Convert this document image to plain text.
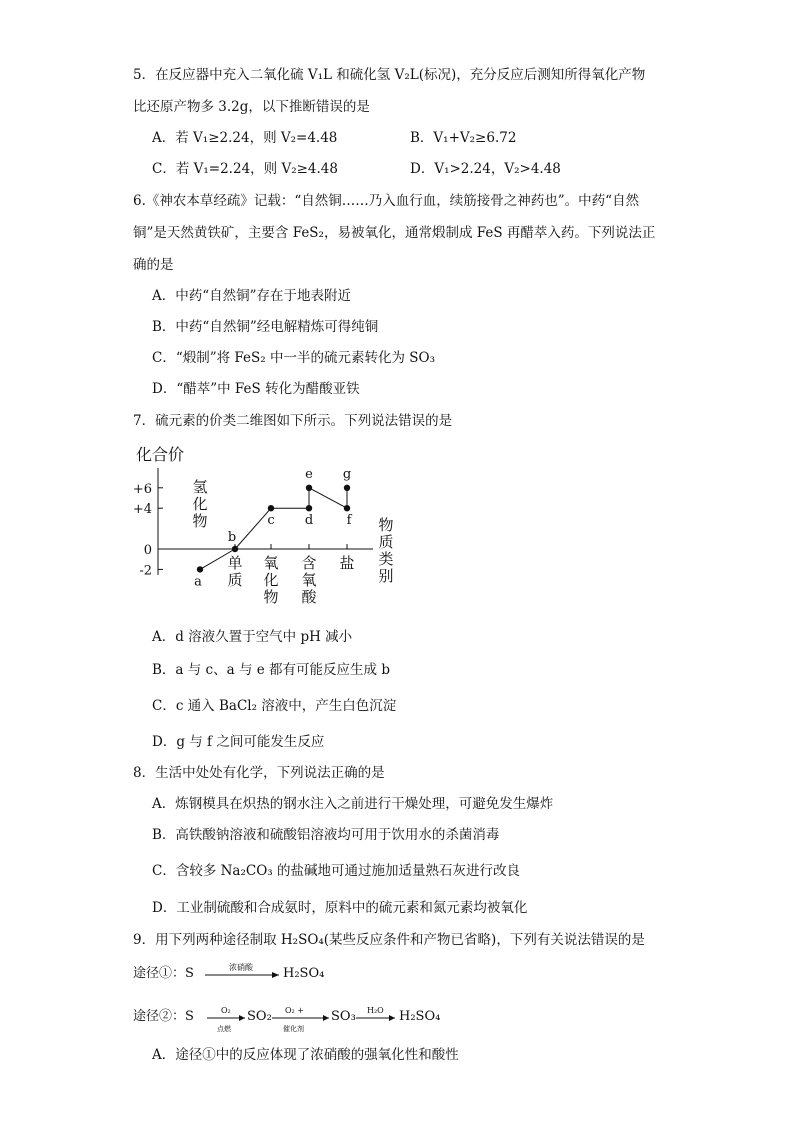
5．在反应器中充入二氧化硫 V₁L 和硫化氢 V₂L(标况)，充分反应后测知所得氧化产物
比还原产物多 3.2g，以下推断错误的是
A．若 V₁≥2.24，则 V₂=4.48	B．V₁+V₂≥6.72
C．若 V₁=2.24，则 V₂≥4.48	D．V₁>2.24，V₂>4.48
6.《神农本草经疏》记载：“自然铜……乃入血行血，续筋接骨之神药也”。中药“自然
铜”是天然黄铁矿，主要含 FeS₂，易被氧化，通常煅制成 FeS 再醋萃入药。下列说法正
确的是
A．中药“自然铜”存在于地表附近
B．中药“自然铜”经电解精炼可得纯铜
C．“煅制”将 FeS₂ 中一半的硫元素转化为 SO₃
D．“醋萃”中 FeS 转化为醋酸亚铁
7．硫元素的价类二维图如下所示。下列说法错误的是
化合价
+6
+4
0
-2
氢
化
物
单
质
氧
化
物
含
氧
酸
盐
物
质
类
别
a
b
c d
e
f
g
A．d 溶液久置于空气中 pH 减小
B．a 与 c、a 与 e 都有可能反应生成 b
C．c 通入 BaCl₂ 溶液中，产生白色沉淀
D．g 与 f 之间可能发生反应
8．生活中处处有化学，下列说法正确的是
A．炼钢模具在炽热的钢水注入之前进行干燥处理，可避免发生爆炸
B．高铁酸钠溶液和硫酸铝溶液均可用于饮用水的杀菌消毒
C．含较多 Na₂CO₃ 的盐碱地可通过施加适量熟石灰进行改良
D．工业制硫酸和合成氨时，原料中的硫元素和氮元素均被氧化
9．用下列两种途径制取 H₂SO₄(某些反应条件和产物已省略)，下列有关说法错误的是
途径①：S	浓硝酸 H₂SO₄
途径②：S	O₂
点燃
SO₂ O₂ +
催化剂
SO₃ H₂O H₂SO₄
A．途径①中的反应体现了浓硝酸的强氧化性和酸性
